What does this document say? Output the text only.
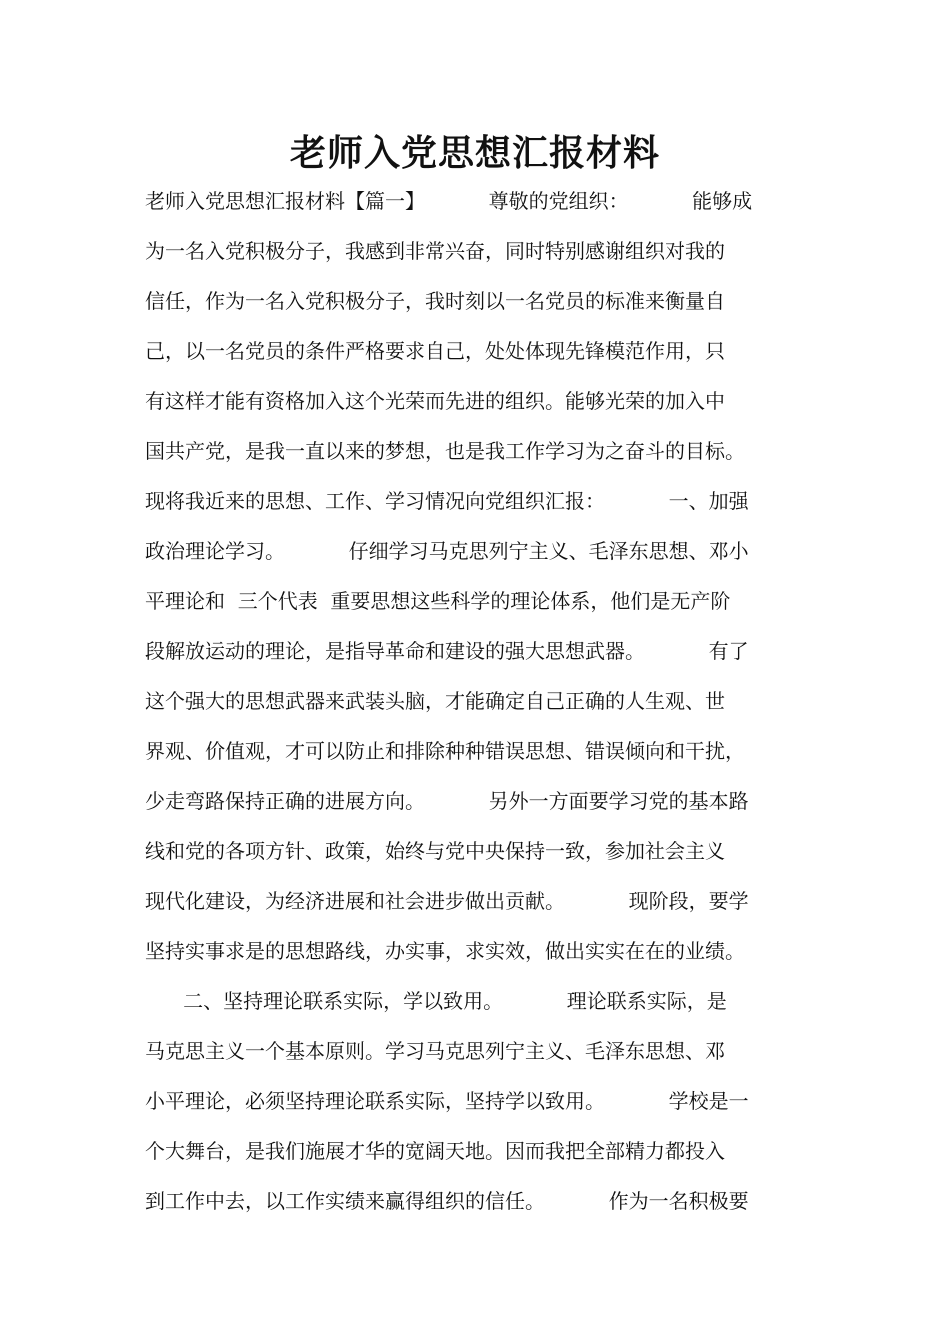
老师入党思想汇报材料
老师入党思想汇报材料【篇一】          尊敬的党组织：          能够成
为一名入党积极分子，我感到非常兴奋，同时特别感谢组织对我的
信任，作为一名入党积极分子，我时刻以一名党员的标准来衡量自
己，以一名党员的条件严格要求自己，处处体现先锋模范作用，只
有这样才能有资格加入这个光荣而先进的组织。能够光荣的加入中
国共产党，是我一直以来的梦想，也是我工作学习为之奋斗的目标。
现将我近来的思想、工作、学习情况向党组织汇报：          一、加强
政治理论学习。          仔细学习马克思列宁主义、毛泽东思想、邓小
平理论和  三个代表  重要思想这些科学的理论体系，他们是无产阶
段解放运动的理论，是指导革命和建设的强大思想武器。          有了
这个强大的思想武器来武装头脑，才能确定自己正确的人生观、世
界观、价值观，才可以防止和排除种种错误思想、错误倾向和干扰，
少走弯路保持正确的进展方向。          另外一方面要学习党的基本路
线和党的各项方针、政策，始终与党中央保持一致，参加社会主义
现代化建设，为经济进展和社会进步做出贡献。          现阶段，要学
坚持实事求是的思想路线，办实事，求实效，做出实实在在的业绩。
二、坚持理论联系实际，学以致用。          理论联系实际，是
马克思主义一个基本原则。学习马克思列宁主义、毛泽东思想、邓
小平理论，必须坚持理论联系实际，坚持学以致用。          学校是一
个大舞台，是我们施展才华的宽阔天地。因而我把全部精力都投入
到工作中去，以工作实绩来赢得组织的信任。          作为一名积极要
